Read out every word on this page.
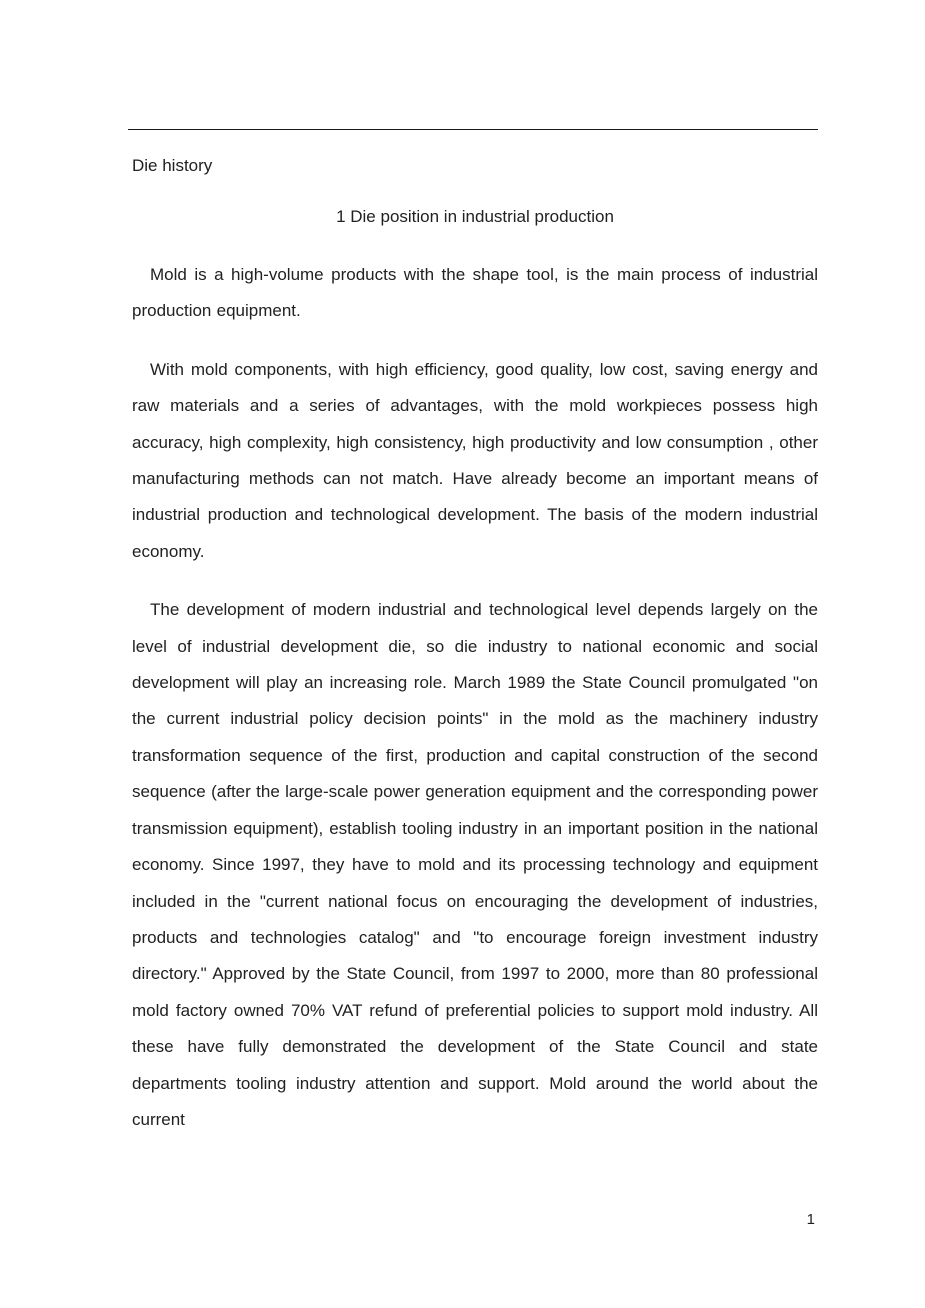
Die history
1 Die position in industrial production

Mold is a high-volume products with the shape tool, is the main process of industrial production equipment.

With mold components, with high efficiency, good quality, low cost, saving energy and raw materials and a series of advantages, with the mold workpieces possess high accuracy, high complexity, high consistency, high productivity and low consumption , other manufacturing methods can not match. Have already become an important means of industrial production and technological development. The basis of the modern industrial economy.

The development of modern industrial and technological level depends largely on the level of industrial development die, so die industry to national economic and social development will play an increasing role. March 1989 the State Council promulgated "on the current industrial policy decision points" in the mold as the machinery industry transformation sequence of the first, production and capital construction of the second sequence (after the large-scale power generation equipment and the corresponding power transmission equipment), establish tooling industry in an important position in the national economy. Since 1997, they have to mold and its processing technology and equipment included in the "current national focus on encouraging the development of industries, products and technologies catalog" and "to encourage foreign investment industry directory." Approved by the State Council, from 1997 to 2000, more than 80 professional mold factory owned 70% VAT refund of preferential policies to support mold industry. All these have fully demonstrated the development of the State Council and state departments tooling industry attention and support. Mold around the world about the current

1
